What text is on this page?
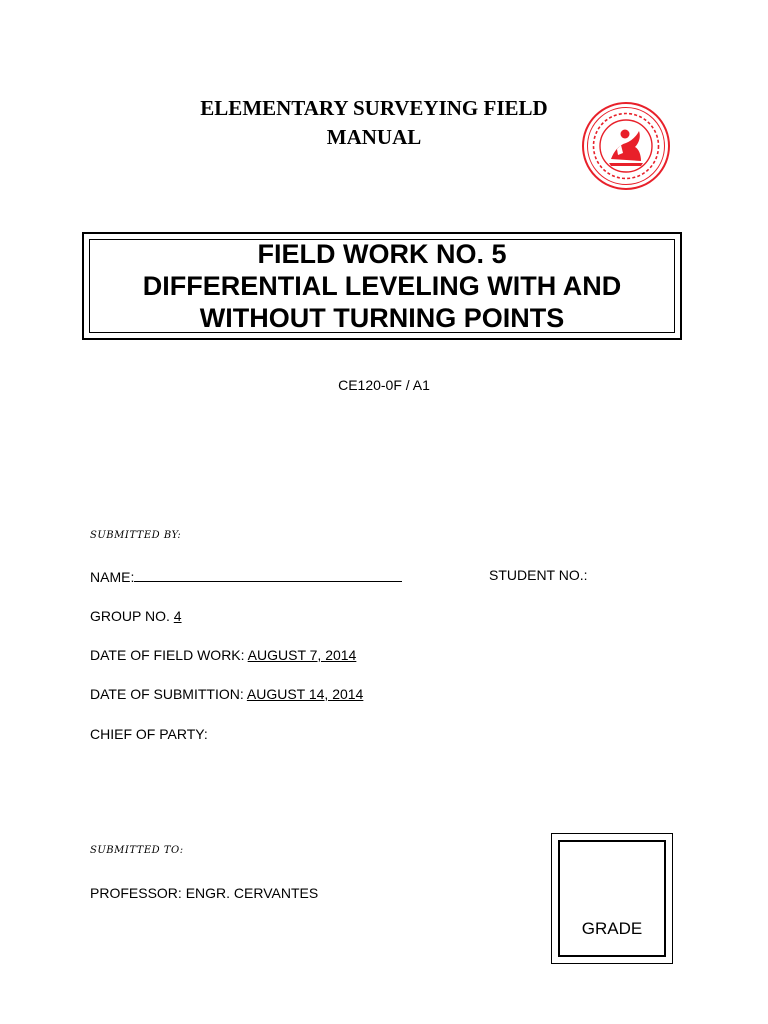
ELEMENTARY SURVEYING FIELD
MANUAL
FIELD WORK NO. 5
DIFFERENTIAL LEVELING WITH AND
WITHOUT TURNING POINTS
CE120-0F / A1
SUBMITTED BY:
NAME:	STUDENT NO.:
GROUP NO. 4
DATE OF FIELD WORK: AUGUST 7, 2014
DATE OF SUBMITTION: AUGUST 14, 2014
CHIEF OF PARTY:
SUBMITTED TO:
PROFESSOR: ENGR. CERVANTES
GRADE
